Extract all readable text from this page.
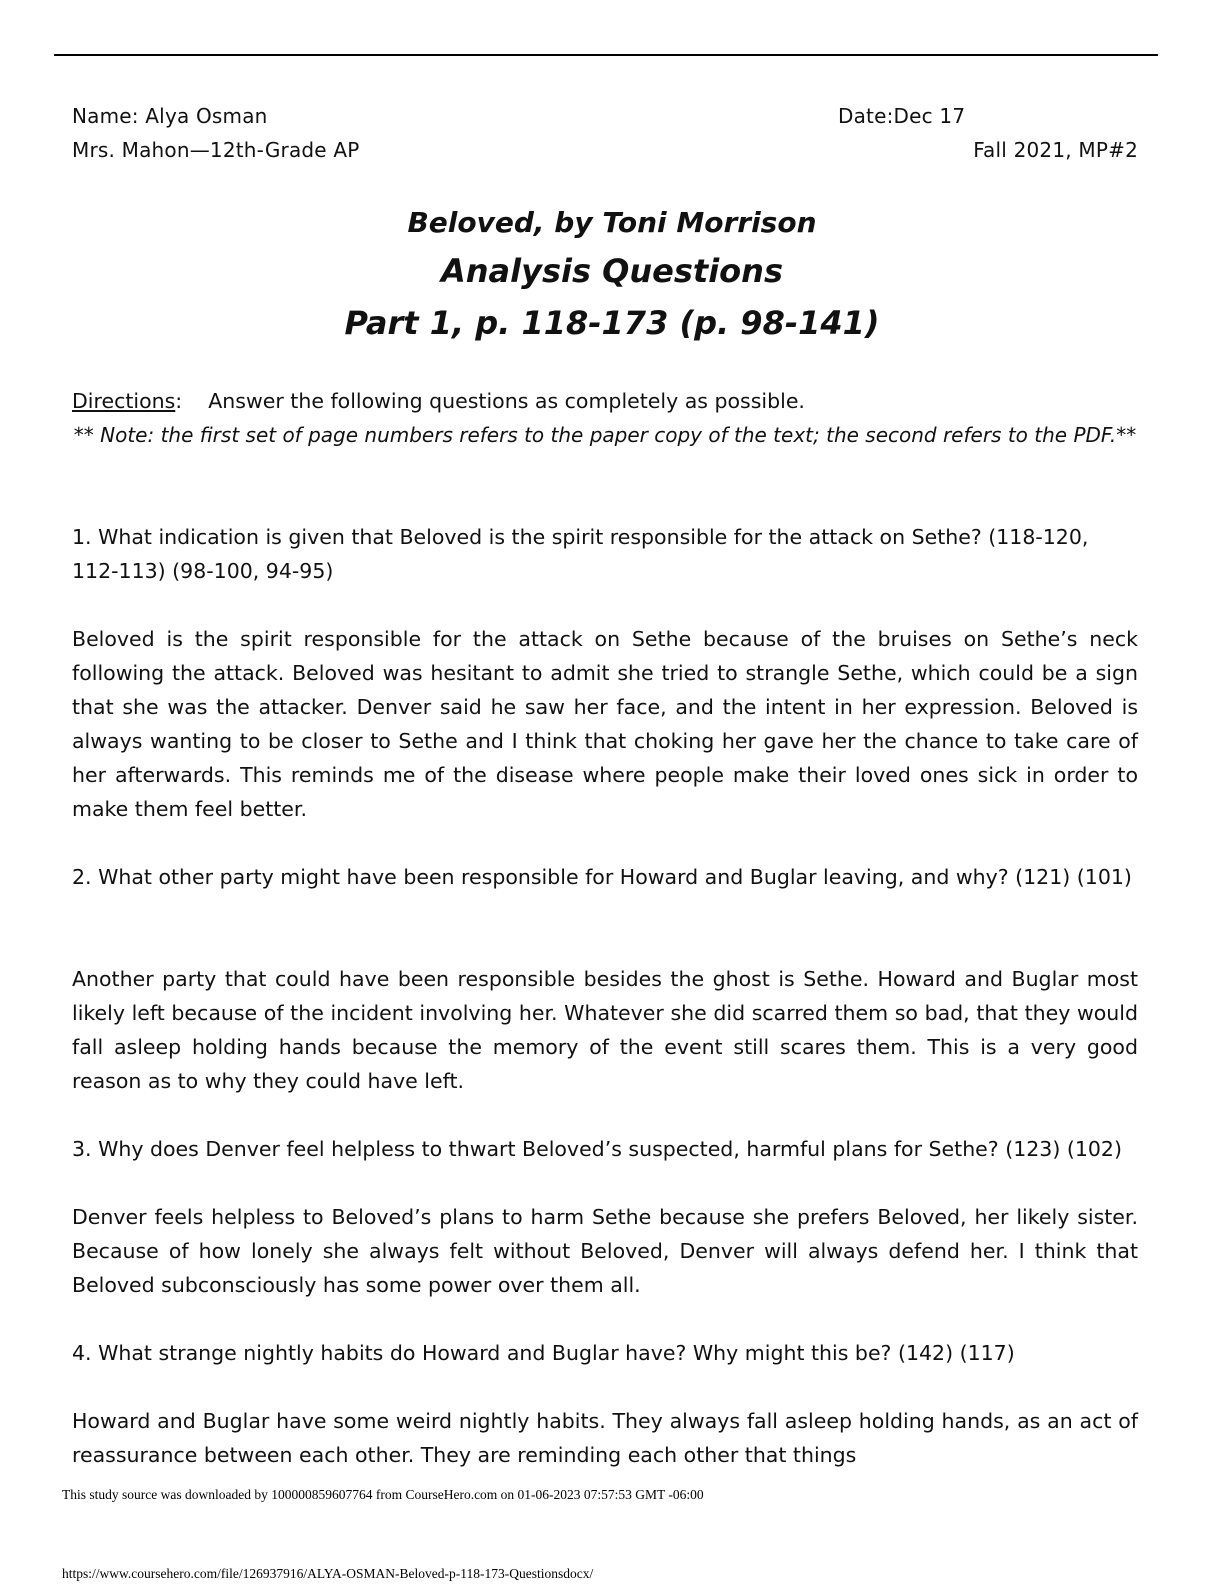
Name: Alya Osman	Date:Dec 17
Mrs. Mahon—12th-Grade AP	Fall 2021, MP#2
Beloved, by Toni Morrison
Analysis Questions
Part 1, p. 118-173 (p. 98-141)
Directions:    Answer the following questions as completely as possible.
** Note: the first set of page numbers refers to the paper copy of the text; the second refers to the PDF.**
1. What indication is given that Beloved is the spirit responsible for the attack on Sethe? (118-120, 112-113) (98-100, 94-95)
Beloved is the spirit responsible for the attack on Sethe because of the bruises on Sethe’s neck following the attack. Beloved was hesitant to admit she tried to strangle Sethe, which could be a sign that she was the attacker. Denver said he saw her face, and the intent in her expression. Beloved is always wanting to be closer to Sethe and I think that choking her gave her the chance to take care of her afterwards. This reminds me of the disease where people make their loved ones sick in order to make them feel better.
2. What other party might have been responsible for Howard and Buglar leaving, and why? (121) (101)
Another party that could have been responsible besides the ghost is Sethe. Howard and Buglar most likely left because of the incident involving her. Whatever she did scarred them so bad, that they would fall asleep holding hands because the memory of the event still scares them. This is a very good reason as to why they could have left.
3. Why does Denver feel helpless to thwart Beloved’s suspected, harmful plans for Sethe? (123) (102)
Denver feels helpless to Beloved’s plans to harm Sethe because she prefers Beloved, her likely sister. Because of how lonely she always felt without Beloved, Denver will always defend her. I think that Beloved subconsciously has some power over them all.
4. What strange nightly habits do Howard and Buglar have? Why might this be? (142) (117)
Howard and Buglar have some weird nightly habits. They always fall asleep holding hands, as an act of reassurance between each other. They are reminding each other that things
This study source was downloaded by 100000859607764 from CourseHero.com on 01-06-2023 07:57:53 GMT -06:00
https://www.coursehero.com/file/126937916/ALYA-OSMAN-Beloved-p-118-173-Questionsdocx/
